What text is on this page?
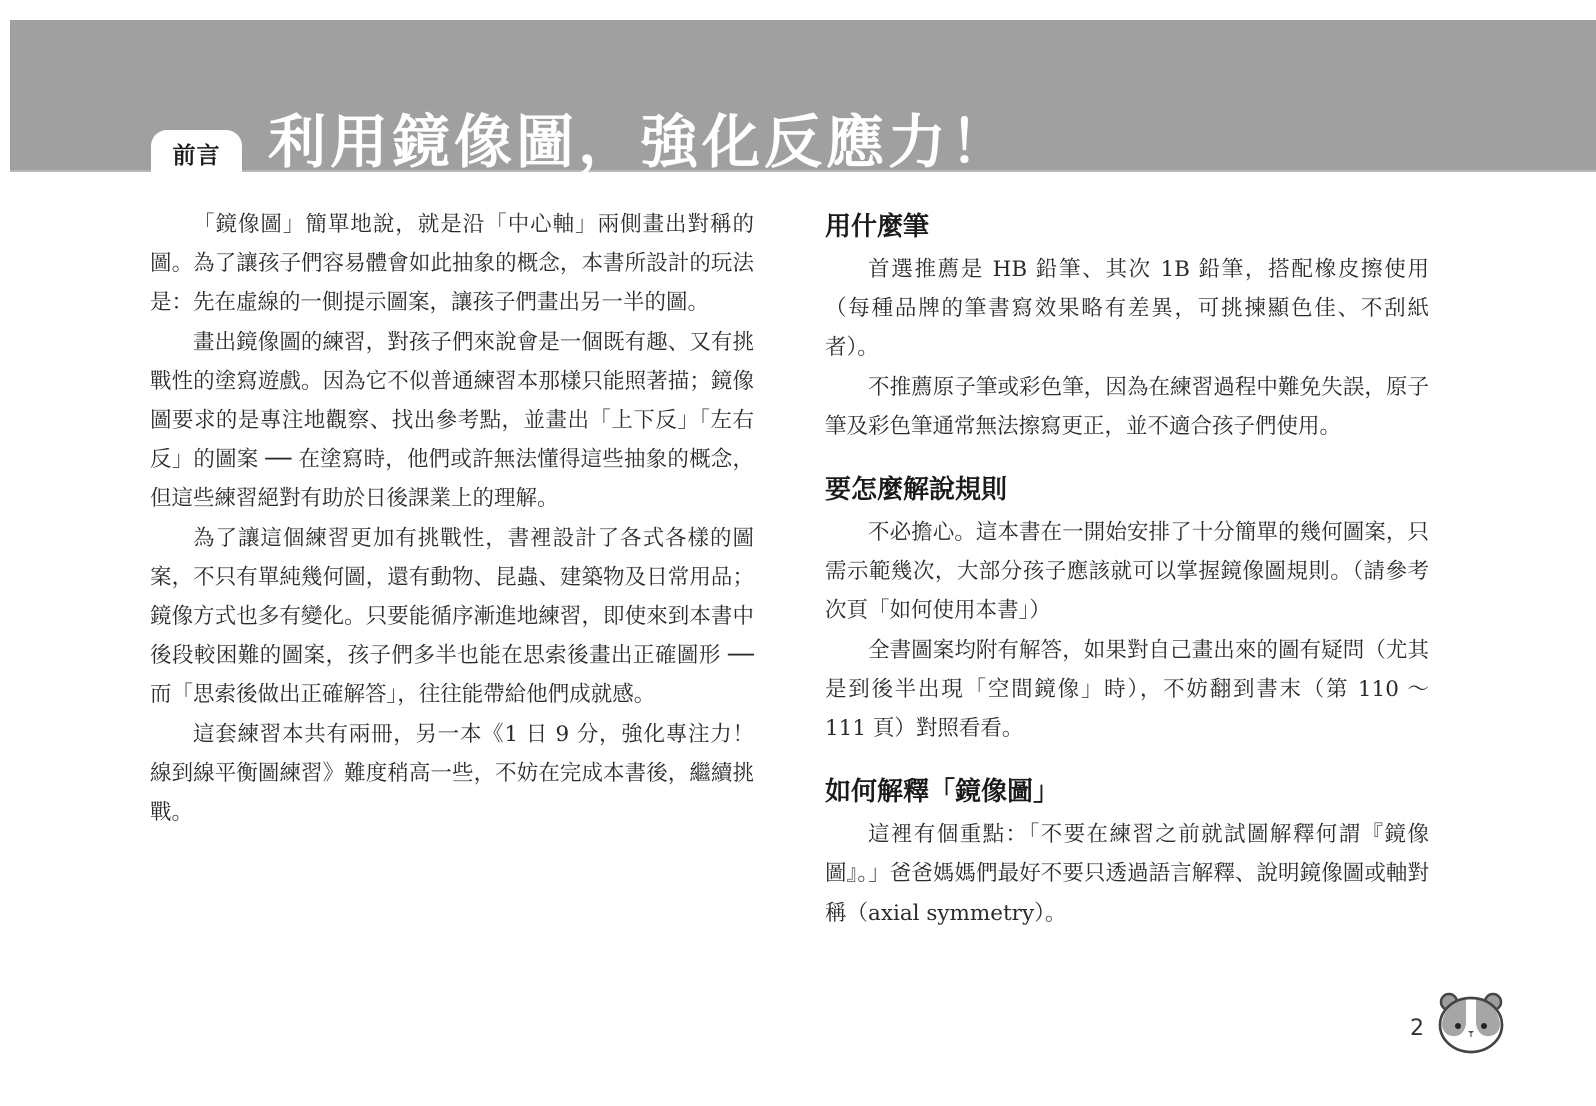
前言 利用鏡像圖，強化反應力！

「鏡像圖」簡單地說，就是沿「中心軸」兩側畫出對稱的圖。為了讓孩子們容易體會如此抽象的概念，本書所設計的玩法是：先在虛線的一側提示圖案，讓孩子們畫出另一半的圖。

畫出鏡像圖的練習，對孩子們來說會是一個既有趣、又有挑戰性的塗寫遊戲。因為它不似普通練習本那樣只能照著描；鏡像圖要求的是專注地觀察、找出參考點，並畫出「上下反」「左右反」的圖案 ── 在塗寫時，他們或許無法懂得這些抽象的概念，但這些練習絕對有助於日後課業上的理解。

為了讓這個練習更加有挑戰性，書裡設計了各式各樣的圖案，不只有單純幾何圖，還有動物、昆蟲、建築物及日常用品；鏡像方式也多有變化。只要能循序漸進地練習，即使來到本書中後段較困難的圖案，孩子們多半也能在思索後畫出正確圖形 ── 而「思索後做出正確解答」，往往能帶給他們成就感。

這套練習本共有兩冊，另一本《1 日 9 分，強化專注力！線到線平衡圖練習》難度稍高一些，不妨在完成本書後，繼續挑戰。

用什麼筆

首選推薦是 HB 鉛筆、其次 1B 鉛筆，搭配橡皮擦使用（每種品牌的筆書寫效果略有差異，可挑揀顯色佳、不刮紙者）。

不推薦原子筆或彩色筆，因為在練習過程中難免失誤，原子筆及彩色筆通常無法擦寫更正，並不適合孩子們使用。

要怎麼解說規則

不必擔心。這本書在一開始安排了十分簡單的幾何圖案，只需示範幾次，大部分孩子應該就可以掌握鏡像圖規則。（請參考次頁「如何使用本書」）

全書圖案均附有解答，如果對自己畫出來的圖有疑問（尤其是到後半出現「空間鏡像」時），不妨翻到書末（第 110 ～ 111 頁）對照看看。

如何解釋「鏡像圖」

這裡有個重點：「不要在練習之前就試圖解釋何謂『鏡像圖』。」爸爸媽媽們最好不要只透過語言解釋、說明鏡像圖或軸對稱（axial symmetry）。

2
